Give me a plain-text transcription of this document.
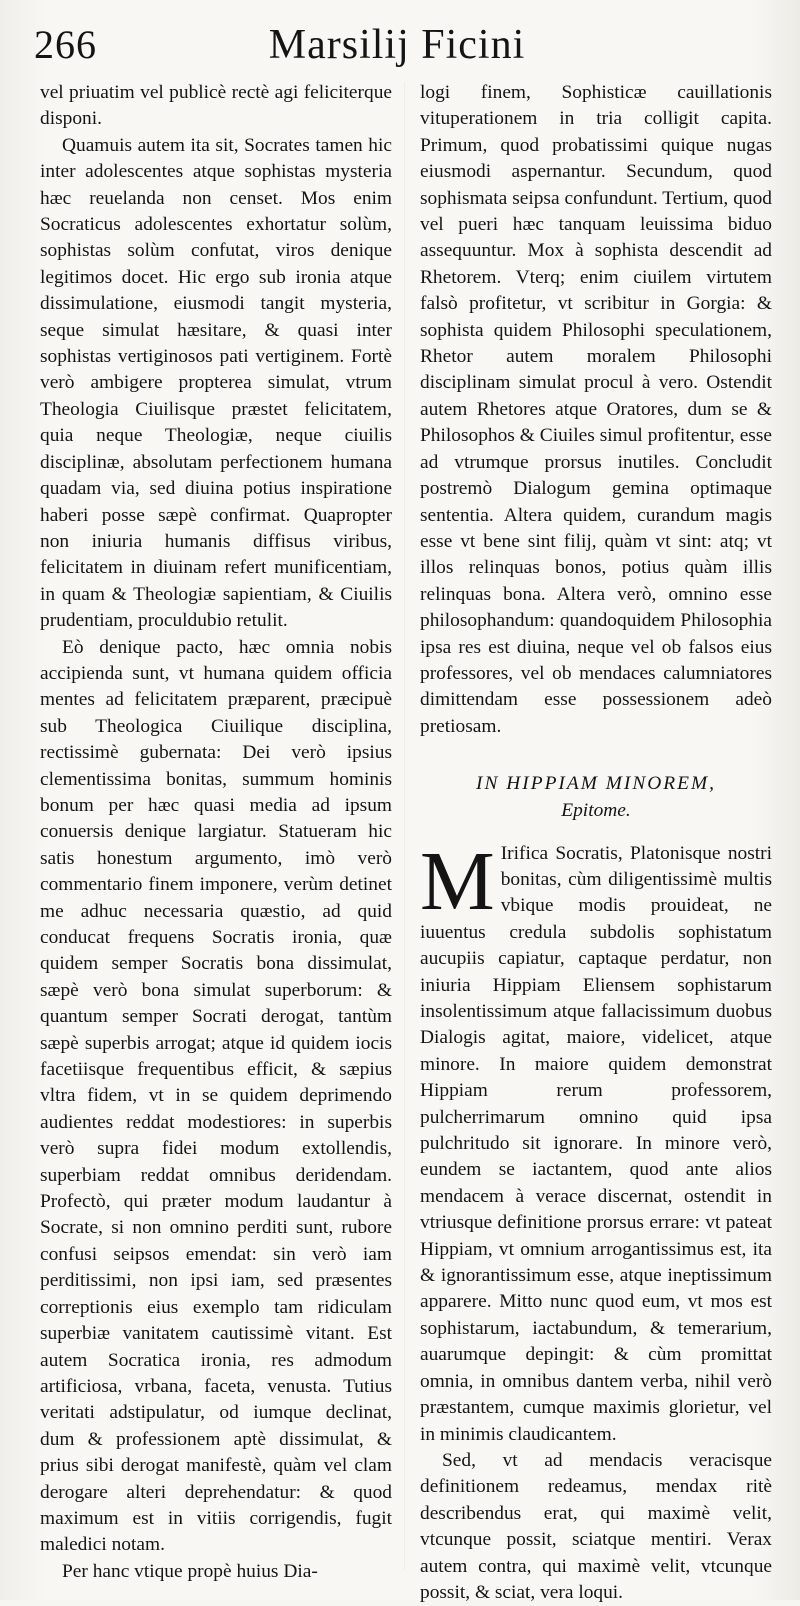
266	Marsilij Ficini

vel priuatim vel publicè rectè agi feliciterque disponi.

Quamuis autem ita sit, Socrates tamen hic inter adolescentes atque sophistas mysteria hæc reuelanda non censet. Mos enim Socraticus adolescentes exhortatur solùm, sophistas solùm confutat, viros denique legitimos docet. Hic ergo sub ironia atque dissimulatione, eiusmodi tangit mysteria, seque simulat hæsitare, & quasi inter sophistas vertiginosos pati vertiginem. Fortè verò ambigere propterea simulat, vtrum Theologia Ciuilisque præstet felicitatem, quia neque Theologiæ, neque ciuilis disciplinæ, absolutam perfectionem humana quadam via, sed diuina potius inspiratione haberi posse sæpè confirmat. Quapropter non iniuria humanis diffisus viribus, felicitatem in diuinam refert munificentiam, in quam & Theologiæ sapientiam, & Ciuilis prudentiam, proculdubio retulit.

Eò denique pacto, hæc omnia nobis accipienda sunt, vt humana quidem officia mentes ad felicitatem præparent, præcipuè sub Theologica Ciuilique disciplina, rectissimè gubernata: Dei verò ipsius clementissima bonitas, summum hominis bonum per hæc quasi media ad ipsum conuersis denique largiatur. Statueram hic satis honestum argumento, imò verò commentario finem imponere, verùm detinet me adhuc necessaria quæstio, ad quid conducat frequens Socratis ironia, quæ quidem semper Socratis bona dissimulat, sæpè verò bona simulat superborum: & quantum semper Socrati derogat, tantùm sæpè superbis arrogat; atque id quidem iocis facetiisque frequentibus efficit, & sæpius vltra fidem, vt in se quidem deprimendo audientes reddat modestiores: in superbis verò supra fidei modum extollendis, superbiam reddat omnibus deridendam. Profectò, qui præter modum laudantur à Socrate, si non omnino perditi sunt, rubore confusi seipsos emendat: sin verò iam perditissimi, non ipsi iam, sed præsentes correptionis eius exemplo tam ridiculam superbiæ vanitatem cautissimè vitant. Est autem Socratica ironia, res admodum artificiosa, vrbana, faceta, venusta. Tutius veritati adstipulatur, od iumque declinat, dum & professionem aptè dissimulat, & prius sibi derogat manifestè, quàm vel clam derogare alteri deprehendatur: & quod maximum est in vitiis corrigendis, fugit maledici notam.

Per hanc vtique propè huius Dia-

logi finem, Sophisticæ cauillationis vituperationem in tria colligit capita. Primum, quod probatissimi quique nugas eiusmodi aspernantur. Secundum, quod sophismata seipsa confundunt. Tertium, quod vel pueri hæc tanquam leuissima biduo assequuntur. Mox à sophista descendit ad Rhetorem. Vterq; enim ciuilem virtutem falsò profitetur, vt scribitur in Gorgia: & sophista quidem Philosophi speculationem, Rhetor autem moralem Philosophi disciplinam simulat procul à vero. Ostendit autem Rhetores atque Oratores, dum se & Philosophos & Ciuiles simul profitentur, esse ad vtrumque prorsus inutiles. Concludit postremò Dialogum gemina optimaque sententia. Altera quidem, curandum magis esse vt bene sint filij, quàm vt sint: atq; vt illos relinquas bonos, potius quàm illis relinquas bona. Altera verò, omnino esse philosophandum: quandoquidem Philosophia ipsa res est diuina, neque vel ob falsos eius professores, vel ob mendaces calumniatores dimittendam esse possessionem adeò pretiosam.

IN HIPPIAM MINOREM,

Epitome.

M Irifica Socratis, Platonisque nostri bonitas, cùm diligentissimè multis vbique modis prouideat, ne iuuentus credula subdolis sophistatum aucupiis capiatur, captaque perdatur, non iniuria Hippiam Eliensem sophistarum insolentissimum atque fallacissimum duobus Dialogis agitat, maiore, videlicet, atque minore. In maiore quidem demonstrat Hippiam rerum professorem, pulcherrimarum omnino quid ipsa pulchritudo sit ignorare. In minore verò, eundem se iactantem, quod ante alios mendacem à verace discernat, ostendit in vtriusque definitione prorsus errare: vt pateat Hippiam, vt omnium arrogantissimus est, ita & ignorantissimum esse, atque ineptissimum apparere. Mitto nunc quod eum, vt mos est sophistarum, iactabundum, & temerarium, auarumque depingit: & cùm promittat omnia, in omnibus dantem verba, nihil verò præstantem, cumque maximis glorietur, vel in minimis claudicantem.

Sed, vt ad mendacis veracisque definitionem redeamus, mendax ritè describendus erat, qui maximè velit, vtcunque possit, sciatque mentiri. Verax autem contra, qui maximè velit, vtcunque possit, & sciat, vera loqui.
